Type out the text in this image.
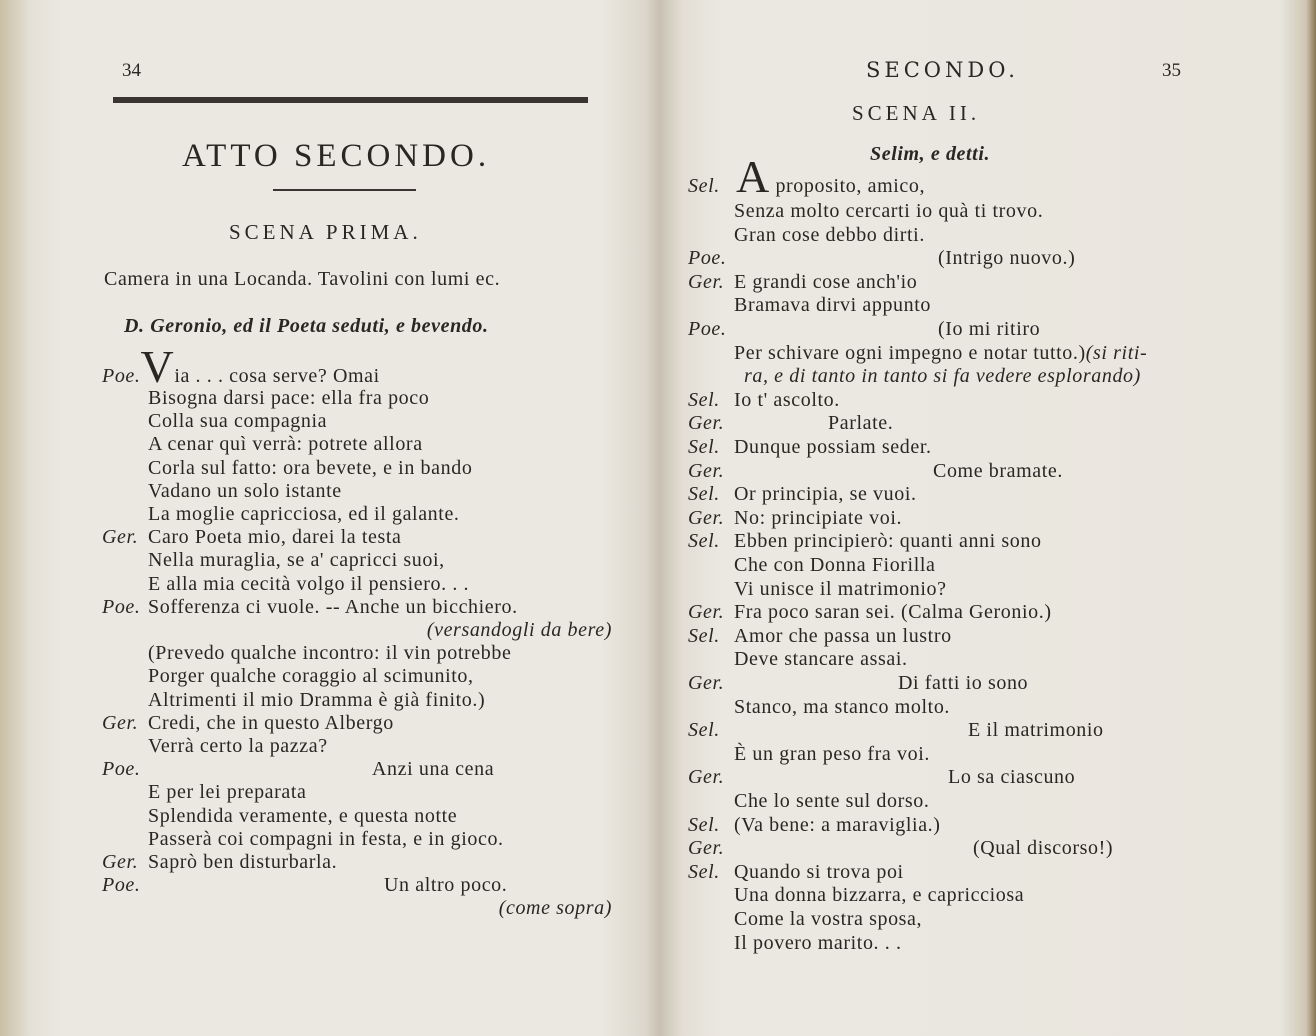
34
ATTO SECONDO.
SCENA PRIMA.
Camera in una Locanda. Tavolini con lumi ec.
D. Geronio, ed il Poeta seduti, e bevendo.
Poe.Via . . . cosa serve? Omai
Bisogna darsi pace: ella fra poco
Colla sua compagnia
A cenar quì verrà: potrete allora
Corla sul fatto: ora bevete, e in bando
Vadano un solo istante
La moglie capricciosa, ed il galante.
Ger. Caro Poeta mio, darei la testa
Nella muraglia, se a' capricci suoi,
E alla mia cecità volgo il pensiero. . .
Poe. Sofferenza ci vuole. -- Anche un bicchiero.
(versandogli da bere)
(Prevedo qualche incontro: il vin potrebbe
Porger qualche coraggio al scimunito,
Altrimenti il mio Dramma è già finito.)
Ger. Credi, che in questo Albergo
Verrà certo la pazza?
Poe.	Anzi una cena
E per lei preparata
Splendida veramente, e questa notte
Passerà coi compagni in festa, e in gioco.
Ger. Saprò ben disturbarla.
Poe.	Un altro poco.
(come sopra)
SECONDO.	35
SCENA II.
Selim, e detti.
Sel. A proposito, amico,
Senza molto cercarti io quà ti trovo.
Gran cose debbo dirti.
Poe.	(Intrigo nuovo.)
Ger. E grandi cose anch'io
Bramava dirvi appunto
Poe.	(Io mi ritiro
Per schivare ogni impegno e notar tutto.)(si riti-
ra, e di tanto in tanto si fa vedere esplorando)
Sel. Io t' ascolto.
Ger.	Parlate.
Sel. Dunque possiam seder.
Ger.	Come bramate.
Sel. Or principia, se vuoi.
Ger. No: principiate voi.
Sel. Ebben principierò: quanti anni sono
Che con Donna Fiorilla
Vi unisce il matrimonio?
Ger. Fra poco saran sei. (Calma Geronio.)
Sel. Amor che passa un lustro
Deve stancare assai.
Ger.	Di fatti io sono
Stanco, ma stanco molto.
Sel.	E il matrimonio
È un gran peso fra voi.
Ger.	Lo sa ciascuno
Che lo sente sul dorso.
Sel. (Va bene: a maraviglia.)
Ger.	(Qual discorso!)
Sel. Quando si trova poi
Una donna bizzarra, e capricciosa
Come la vostra sposa,
Il povero marito. . .
